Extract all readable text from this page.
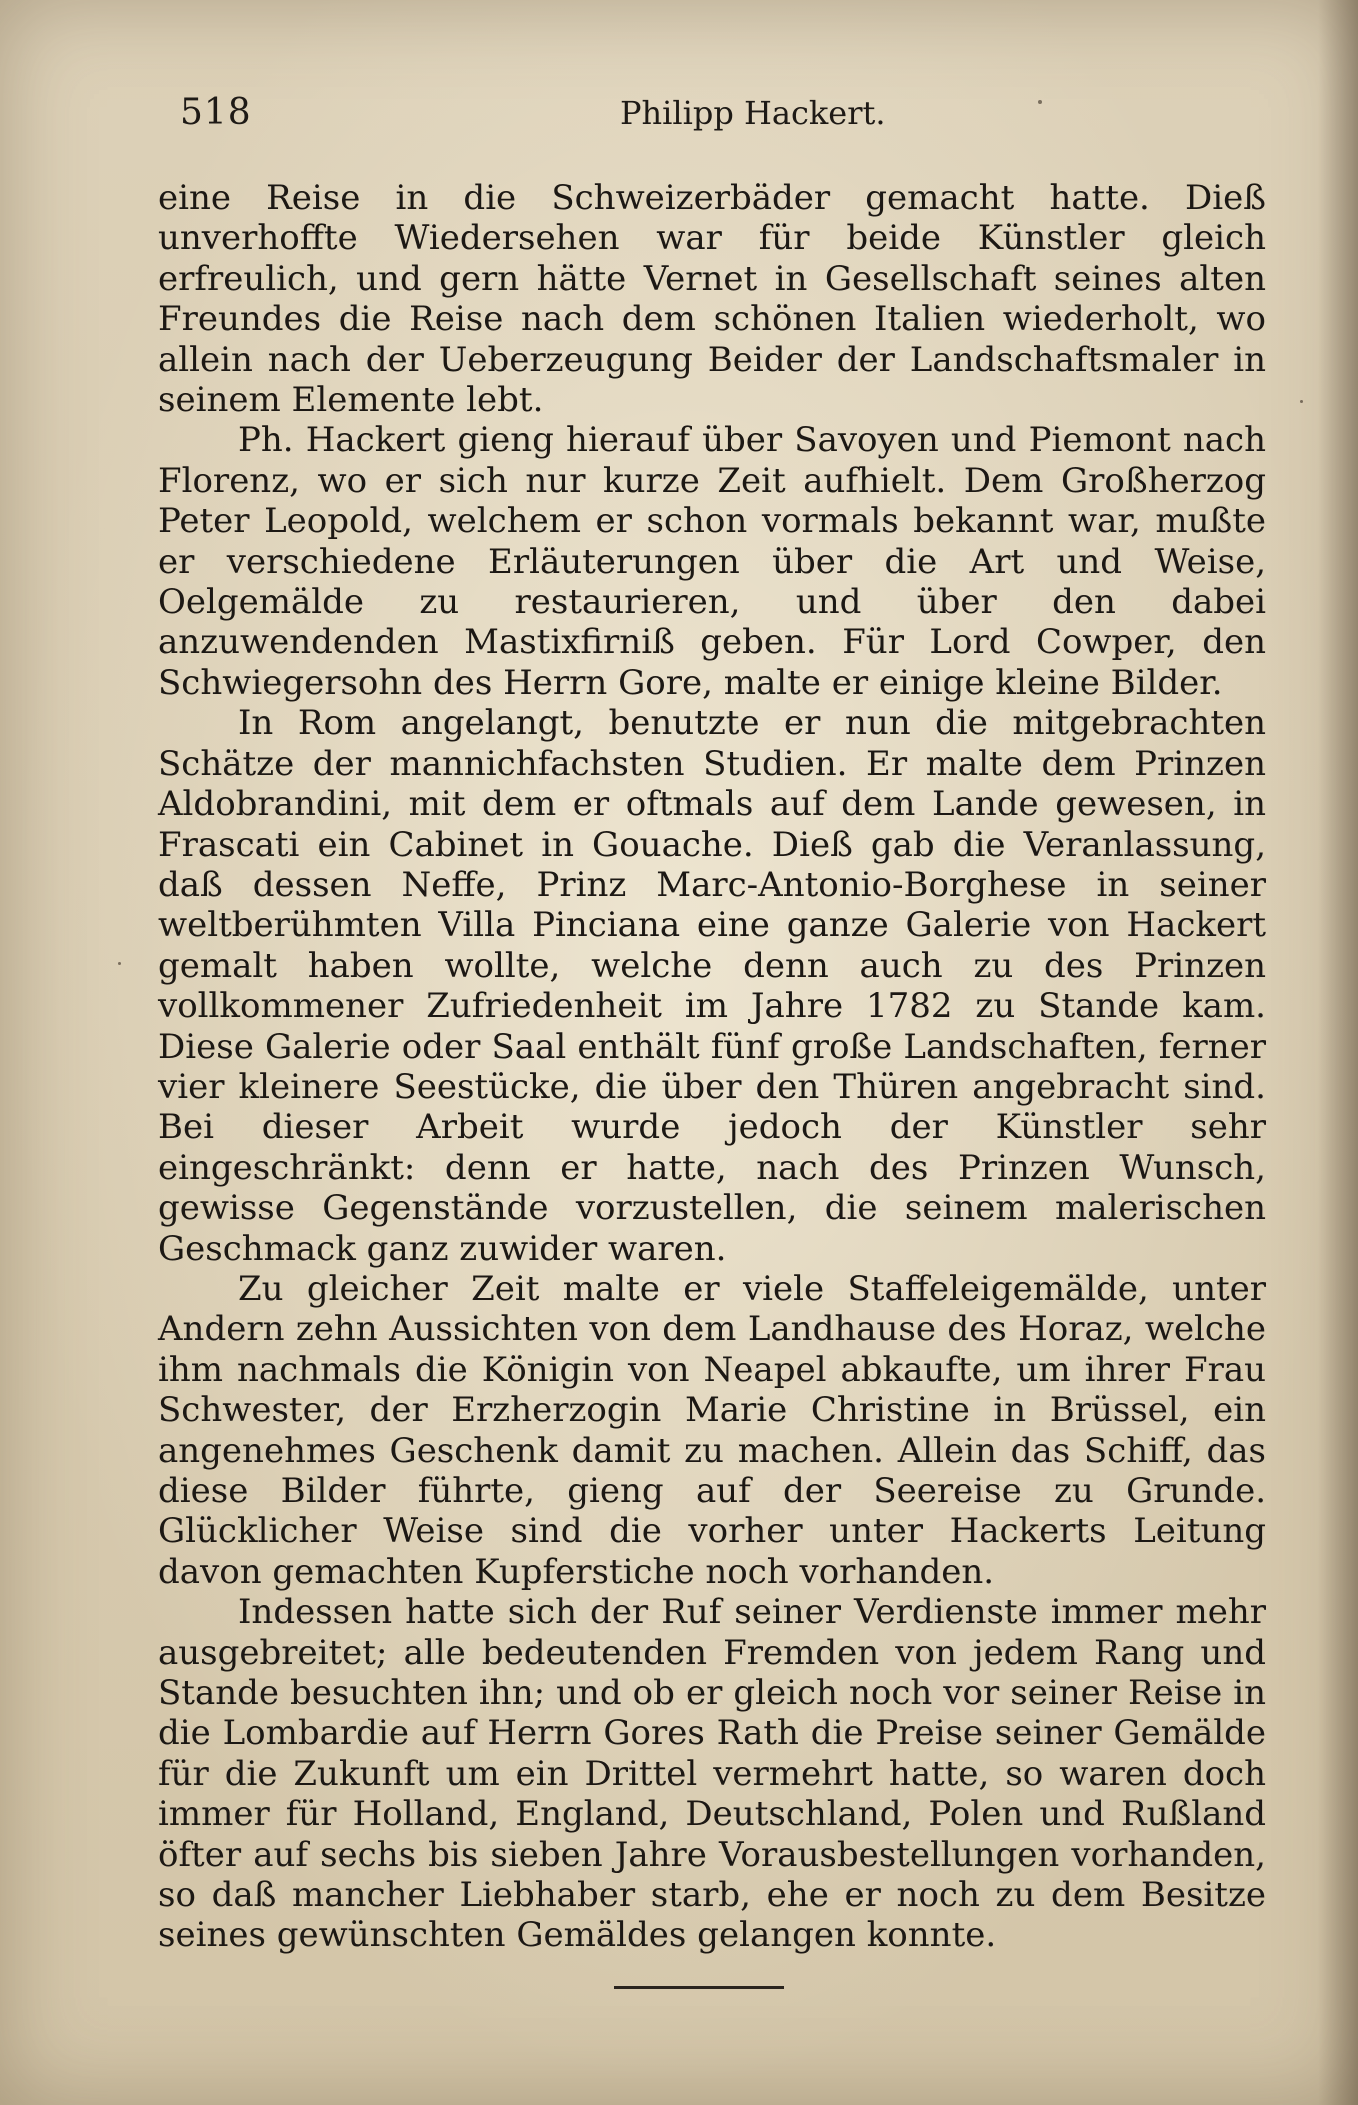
518	Philipp Hackert.

eine Reise in die Schweizerbäder gemacht hatte. Dieß unverhoffte Wiedersehen war für beide Künstler gleich erfreulich, und gern hätte Vernet in Gesellschaft seines alten Freundes die Reise nach dem schönen Italien wiederholt, wo allein nach der Ueberzeugung Beider der Landschaftsmaler in seinem Elemente lebt.

Ph. Hackert gieng hierauf über Savoyen und Piemont nach Florenz, wo er sich nur kurze Zeit aufhielt. Dem Großherzog Peter Leopold, welchem er schon vormals bekannt war, mußte er verschiedene Erläuterungen über die Art und Weise, Oelgemälde zu restaurieren, und über den dabei anzuwendenden Mastixfirniß geben. Für Lord Cowper, den Schwiegersohn des Herrn Gore, malte er einige kleine Bilder.

In Rom angelangt, benutzte er nun die mitgebrachten Schätze der mannichfachsten Studien. Er malte dem Prinzen Aldobrandini, mit dem er oftmals auf dem Lande gewesen, in Frascati ein Cabinet in Gouache. Dieß gab die Veranlassung, daß dessen Neffe, Prinz Marc-Antonio-Borghese in seiner weltberühmten Villa Pinciana eine ganze Galerie von Hackert gemalt haben wollte, welche denn auch zu des Prinzen vollkommener Zufriedenheit im Jahre 1782 zu Stande kam. Diese Galerie oder Saal enthält fünf große Landschaften, ferner vier kleinere Seestücke, die über den Thüren angebracht sind. Bei dieser Arbeit wurde jedoch der Künstler sehr eingeschränkt: denn er hatte, nach des Prinzen Wunsch, gewisse Gegenstände vorzustellen, die seinem malerischen Geschmack ganz zuwider waren.

Zu gleicher Zeit malte er viele Staffeleigemälde, unter Andern zehn Aussichten von dem Landhause des Horaz, welche ihm nachmals die Königin von Neapel abkaufte, um ihrer Frau Schwester, der Erzherzogin Marie Christine in Brüssel, ein angenehmes Geschenk damit zu machen. Allein das Schiff, das diese Bilder führte, gieng auf der Seereise zu Grunde. Glücklicher Weise sind die vorher unter Hackerts Leitung davon gemachten Kupferstiche noch vorhanden.

Indessen hatte sich der Ruf seiner Verdienste immer mehr ausgebreitet; alle bedeutenden Fremden von jedem Rang und Stande besuchten ihn; und ob er gleich noch vor seiner Reise in die Lombardie auf Herrn Gores Rath die Preise seiner Gemälde für die Zukunft um ein Drittel vermehrt hatte, so waren doch immer für Holland, England, Deutschland, Polen und Rußland öfter auf sechs bis sieben Jahre Vorausbestellungen vorhanden, so daß mancher Liebhaber starb, ehe er noch zu dem Besitze seines gewünschten Gemäldes gelangen konnte.
